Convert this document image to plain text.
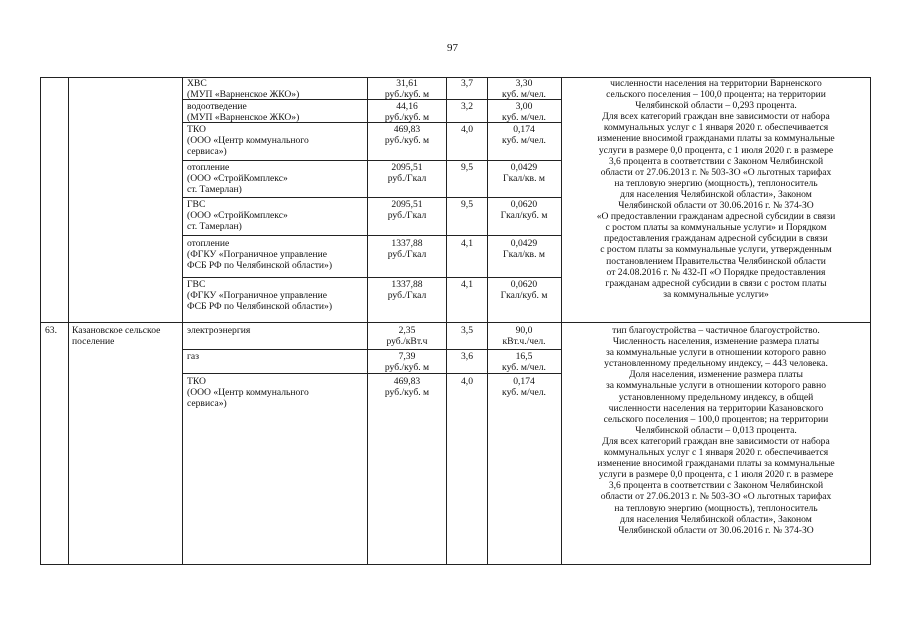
97
ХВС
(МУП «Варненское ЖКО»)
водоотведение
(МУП «Варненское ЖКО»)
ТКО
(ООО «Центр коммунального
сервиса»)
отопление
(ООО «СтройКомплекс»
ст. Тамерлан)
ГВС
(ООО «СтройКомплекс»
ст. Тамерлан)
отопление
(ФГКУ «Пограничное управление
ФСБ РФ по Челябинской области»)
ГВС
(ФГКУ «Пограничное управление
ФСБ РФ по Челябинской области»)
31,61
руб./куб. м
44,16
руб./куб. м
469,83
руб./куб. м
2095,51
руб./Гкал
2095,51
руб./Гкал
1337,88
руб./Гкал
1337,88
руб./Гкал
3,7
3,2
4,0
9,5
9,5
4,1
4,1
3,30
куб. м/чел.
3,00
куб. м/чел.
0,174
куб. м/чел.
0,0429
Гкал/кв. м
0,0620
Гкал/куб. м
0,0429
Гкал/кв. м
0,0620
Гкал/куб. м
численности населения на территории Варненского
сельского поселения – 100,0 процента; на территории
Челябинской области – 0,293 процента.
Для всех категорий граждан вне зависимости от набора
коммунальных услуг с 1 января 2020 г. обеспечивается
изменение вносимой гражданами платы за коммунальные
услуги в размере 0,0 процента, с 1 июля 2020 г. в размере
3,6 процента в соответствии с Законом Челябинской
области от 27.06.2013 г. № 503-ЗО «О льготных тарифах
на тепловую энергию (мощность), теплоноситель
для населения Челябинской области», Законом
Челябинской области от 30.06.2016 г. № 374-ЗО
«О предоставлении гражданам адресной субсидии в связи
с ростом платы за коммунальные услуги» и Порядком
предоставления гражданам адресной субсидии в связи
с ростом платы за коммунальные услуги, утвержденным
постановлением Правительства Челябинской области
от 24.08.2016 г. № 432-П «О Порядке предоставления
гражданам адресной субсидии в связи с ростом платы
за коммунальные услуги»
63. Казановское сельское
поселение
электроэнергия
газ
ТКО
(ООО «Центр коммунального
сервиса»)
2,35
руб./кВт.ч
7,39
руб./куб. м
469,83
руб./куб. м
3,5
3,6
4,0
90,0
кВт.ч./чел.
16,5
куб. м/чел.
0,174
куб. м/чел.
тип благоустройства – частичное благоустройство.
Численность населения, изменение размера платы
за коммунальные услуги в отношении которого равно
установленному предельному индексу, – 443 человека.
Доля населения, изменение размера платы
за коммунальные услуги в отношении которого равно
установленному предельному индексу, в общей
численности населения на территории Казановского
сельского поселения – 100,0 процентов; на территории
Челябинской области – 0,013 процента.
Для всех категорий граждан вне зависимости от набора
коммунальных услуг с 1 января 2020 г. обеспечивается
изменение вносимой гражданами платы за коммунальные
услуги в размере 0,0 процента, с 1 июля 2020 г. в размере
3,6 процента в соответствии с Законом Челябинской
области от 27.06.2013 г. № 503-ЗО «О льготных тарифах
на тепловую энергию (мощность), теплоноситель
для населения Челябинской области», Законом
Челябинской области от 30.06.2016 г. № 374-ЗО
